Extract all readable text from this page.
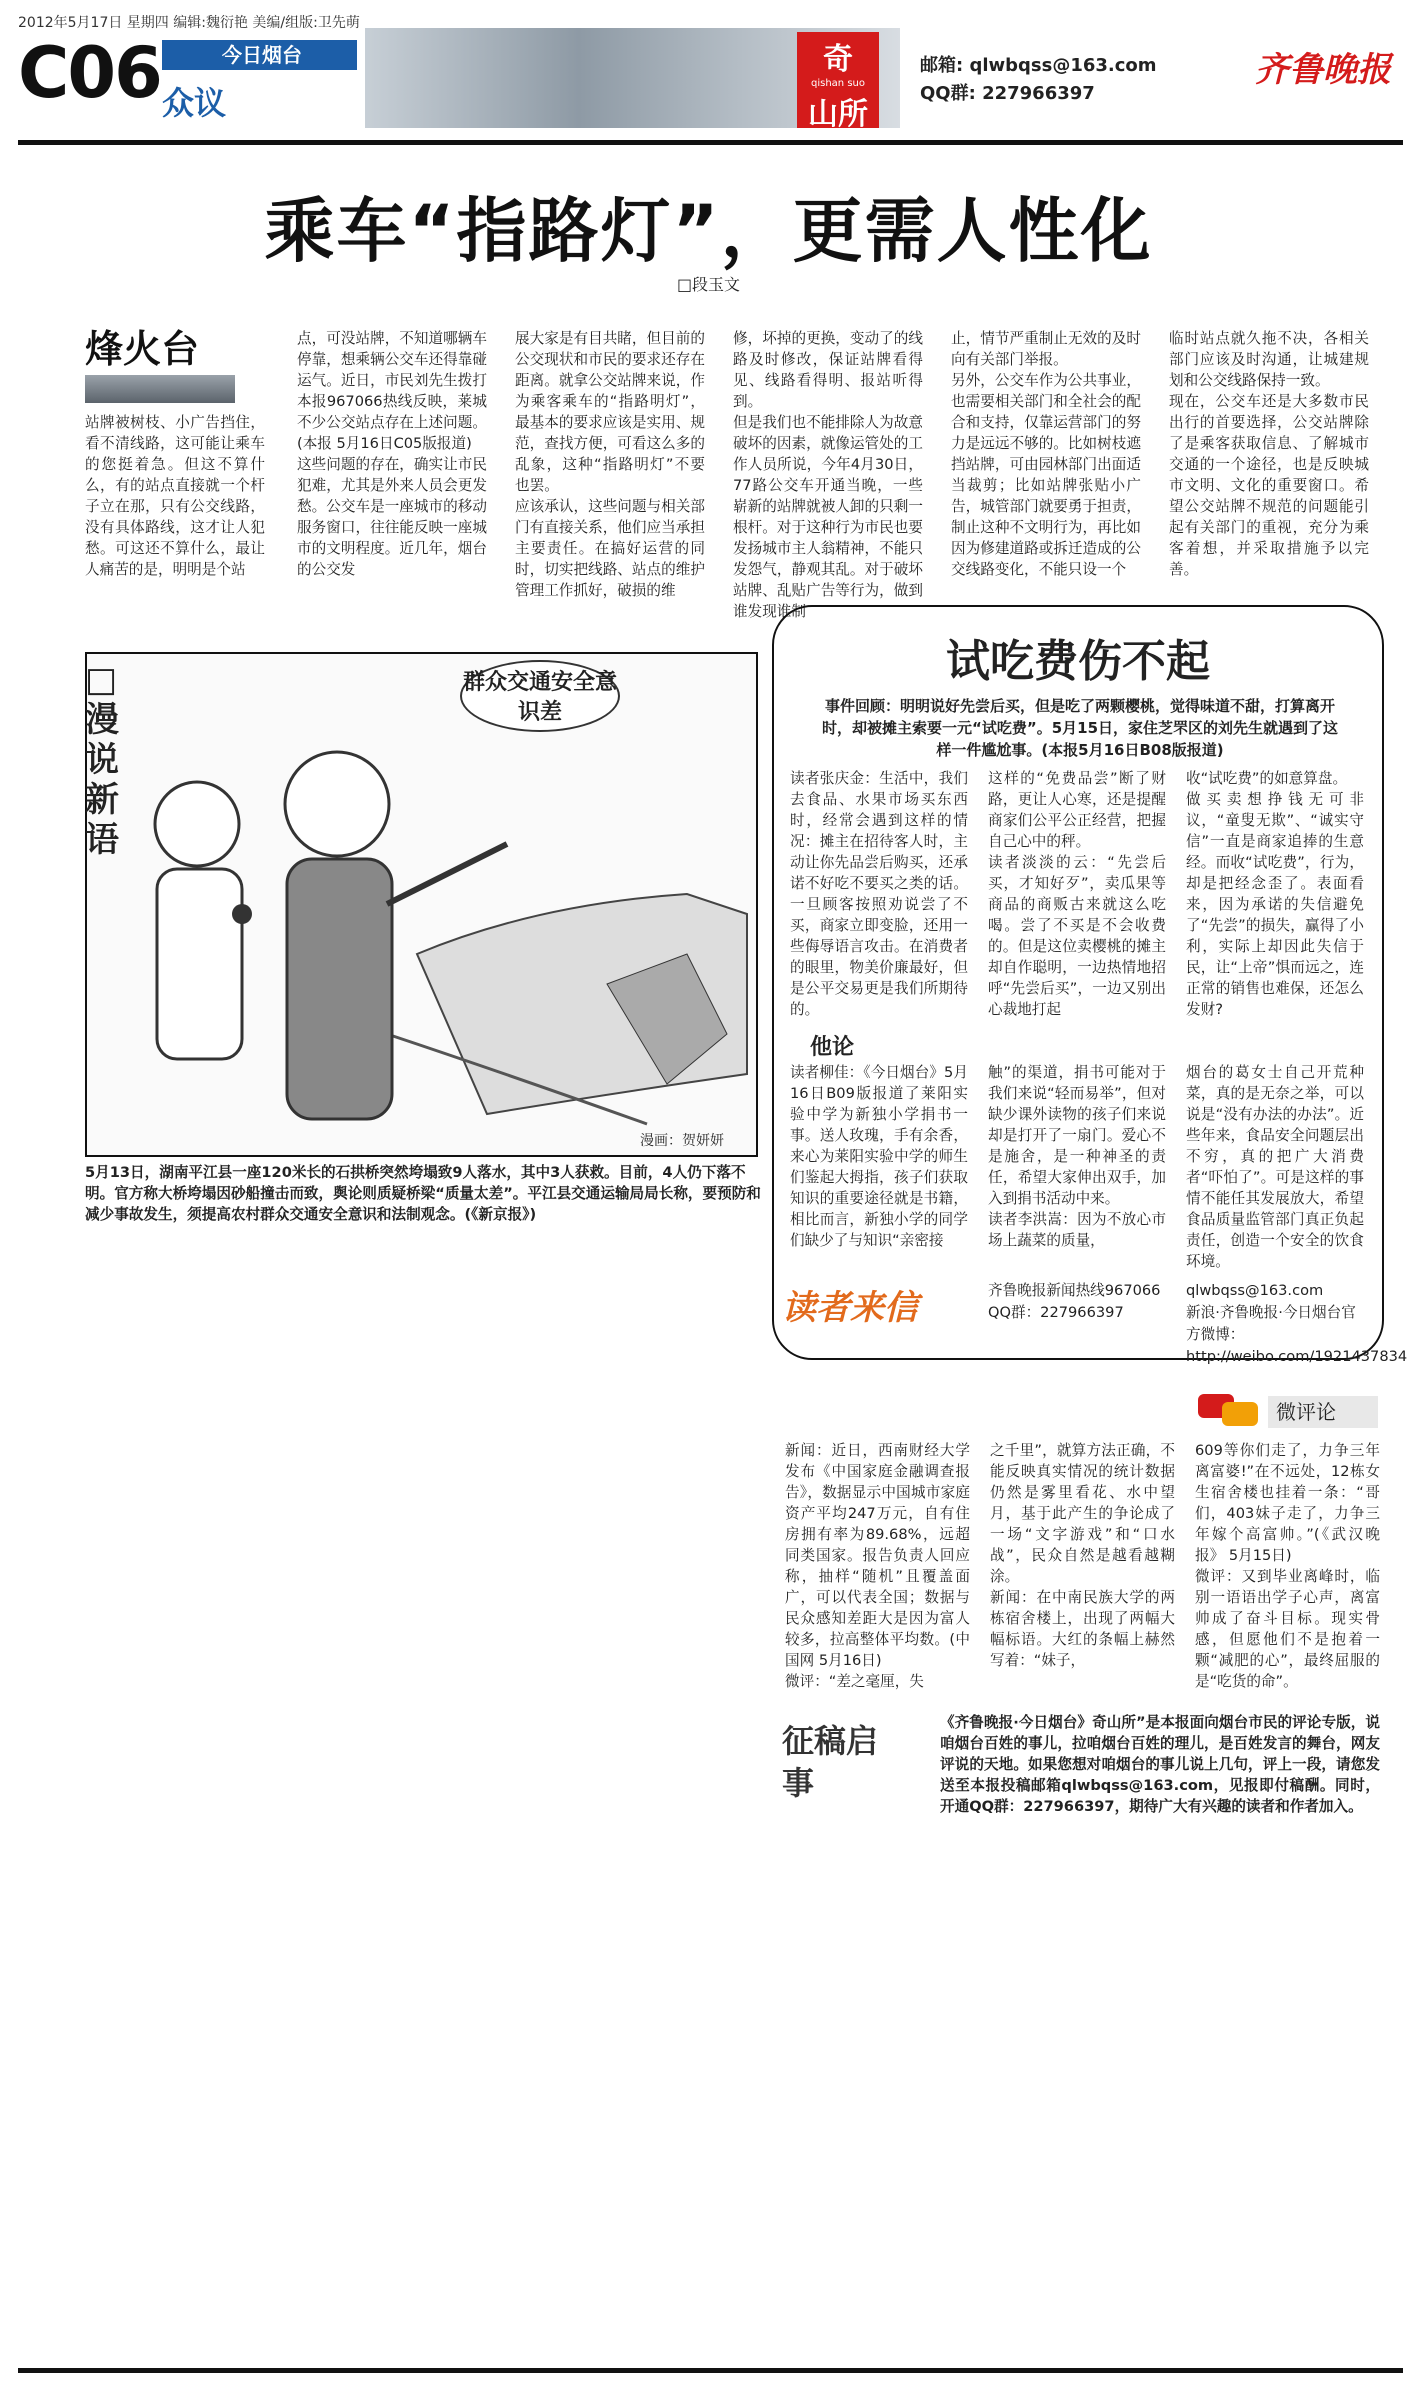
2012年5月17日 星期四 编辑:魏衍艳 美编/组版:卫先萌
C06	今日烟台
众议
奇
qishan suo
山所
邮箱: qlwbqss@163.com
QQ群: 227966397
齐鲁晚报
乘车“指路灯”，更需人性化
□段玉文
烽火台
站牌被树枝、小广告挡住，看不清线路，这可能让乘车的您挺着急。但这不算什么，有的站点直接就一个杆子立在那，只有公交线路，没有具体路线，这才让人犯愁。可这还不算什么，最让人痛苦的是，明明是个站
点，可没站牌，不知道哪辆车停靠，想乘辆公交车还得靠碰运气。近日，市民刘先生拨打本报967066热线反映，莱城不少公交站点存在上述问题。(本报 5月16日C05版报道)
这些问题的存在，确实让市民犯难，尤其是外来人员会更发愁。公交车是一座城市的移动服务窗口，往往能反映一座城市的文明程度。近几年，烟台的公交发
展大家是有目共睹，但目前的公交现状和市民的要求还存在距离。就拿公交站牌来说，作为乘客乘车的“指路明灯”，最基本的要求应该是实用、规范，查找方便，可看这么多的乱象，这种“指路明灯”不要也罢。
应该承认，这些问题与相关部门有直接关系，他们应当承担主要责任。在搞好运营的同时，切实把线路、站点的维护管理工作抓好，破损的维
修，坏掉的更换，变动了的线路及时修改，保证站牌看得见、线路看得明、报站听得到。
但是我们也不能排除人为故意破坏的因素，就像运管处的工作人员所说，今年4月30日，77路公交车开通当晚，一些崭新的站牌就被人卸的只剩一根杆。对于这种行为市民也要发扬城市主人翁精神，不能只发怨气，静观其乱。对于破坏站牌、乱贴广告等行为，做到谁发现谁制
止，情节严重制止无效的及时向有关部门举报。
另外，公交车作为公共事业，也需要相关部门和全社会的配合和支持，仅靠运营部门的努力是远远不够的。比如树枝遮挡站牌，可由园林部门出面适当裁剪；比如站牌张贴小广告，城管部门就要勇于担责，制止这种不文明行为，再比如因为修建道路或拆迁造成的公交线路变化，不能只设一个
临时站点就久拖不决，各相关部门应该及时沟通，让城建规划和公交线路保持一致。
现在，公交车还是大多数市民出行的首要选择，公交站牌除了是乘客获取信息、了解城市交通的一个途径，也是反映城市文明、文化的重要窗口。希望公交站牌不规范的问题能引起有关部门的重视，充分为乘客着想，并采取措施予以完善。
□漫说新语
群众交通安全意识差
漫画：贺妍妍
5月13日，湖南平江县一座120米长的石拱桥突然垮塌致9人落水，其中3人获救。目前，4人仍下落不明。官方称大桥垮塌因砂船撞击而致，舆论则质疑桥梁“质量太差”。平江县交通运输局局长称，要预防和减少事故发生，须提高农村群众交通安全意识和法制观念。(《新京报》)
试吃费伤不起
事件回顾：明明说好先尝后买，但是吃了两颗樱桃，觉得味道不甜，打算离开时，却被摊主索要一元“试吃费”。5月15日，家住芝罘区的刘先生就遇到了这样一件尴尬事。(本报5月16日B08版报道)
读者张庆金：生活中，我们去食品、水果市场买东西时，经常会遇到这样的情况：摊主在招待客人时，主动让你先品尝后购买，还承诺不好吃不要买之类的话。一旦顾客按照劝说尝了不买，商家立即变脸，还用一些侮辱语言攻击。在消费者的眼里，物美价廉最好，但是公平交易更是我们所期待的。
这样的“免费品尝”断了财路，更让人心寒，还是提醒商家们公平公正经营，把握自己心中的秤。
读者淡淡的云：“先尝后买，才知好歹”，卖瓜果等商品的商贩古来就这么吃喝。尝了不买是不会收费的。但是这位卖樱桃的摊主却自作聪明，一边热情地招呼“先尝后买”，一边又别出心裁地打起
收“试吃费”的如意算盘。
做买卖想挣钱无可非议，“童叟无欺”、“诚实守信”一直是商家追捧的生意经。而收“试吃费”，行为，却是把经念歪了。表面看来，因为承诺的失信避免了“先尝”的损失，赢得了小利，实际上却因此失信于民，让“上帝”惧而远之，连正常的销售也难保，还怎么发财?
他论
读者柳佳：《今日烟台》5月16日B09版报道了莱阳实验中学为新独小学捐书一事。送人玫瑰，手有余香，来心为莱阳实验中学的师生们鉴起大拇指，孩子们获取知识的重要途径就是书籍，相比而言，新独小学的同学们缺少了与知识“亲密接
触”的渠道，捐书可能对于我们来说“轻而易举”，但对缺少课外读物的孩子们来说却是打开了一扇门。爱心不是施舍，是一种神圣的责任，希望大家伸出双手，加入到捐书活动中来。
读者李洪嵩：因为不放心市场上蔬菜的质量，
烟台的葛女士自己开荒种菜，真的是无奈之举，可以说是“没有办法的办法”。近些年来，食品安全问题层出不穷，真的把广大消费者“吓怕了”。可是这样的事情不能任其发展放大，希望食品质量监管部门真正负起责任，创造一个安全的饮食环境。
读者来信	齐鲁晚报新闻热线967066
QQ群：227966397
qlwbqss@163.com
新浪·齐鲁晚报·今日烟台官方微博：http://weibo.com/1921437834
微评论
新闻：近日，西南财经大学发布《中国家庭金融调查报告》，数据显示中国城市家庭资产平均247万元，自有住房拥有率为89.68%，远超同类国家。报告负责人回应称，抽样“随机”且覆盖面广，可以代表全国；数据与民众感知差距大是因为富人较多，拉高整体平均数。(中国网 5月16日)
微评：“差之毫厘，失
之千里”，就算方法正确，不能反映真实情况的统计数据仍然是雾里看花、水中望月，基于此产生的争论成了一场“文字游戏”和“口水战”，民众自然是越看越糊涂。
新闻：在中南民族大学的两栋宿舍楼上，出现了两幅大幅标语。大红的条幅上赫然写着：“妹子，
609等你们走了，力争三年离富婆!”在不远处，12栋女生宿舍楼也挂着一条：“哥们，403妹子走了，力争三年嫁个高富帅。”(《武汉晚报》 5月15日)
微评：又到毕业离峰时，临别一语语出学子心声，离富帅成了奋斗目标。现实骨感，但愿他们不是抱着一颗“减肥的心”，最终屈服的是“吃货的命”。
征稿启事
《齐鲁晚报·今日烟台》奇山所”是本报面向烟台市民的评论专版，说咱烟台百姓的事儿，拉咱烟台百姓的理儿，是百姓发言的舞台，网友评说的天地。如果您想对咱烟台的事儿说上几句，评上一段，请您发送至本报投稿邮箱qlwbqss@163.com，见报即付稿酬。同时，开通QQ群：227966397，期待广大有兴趣的读者和作者加入。
